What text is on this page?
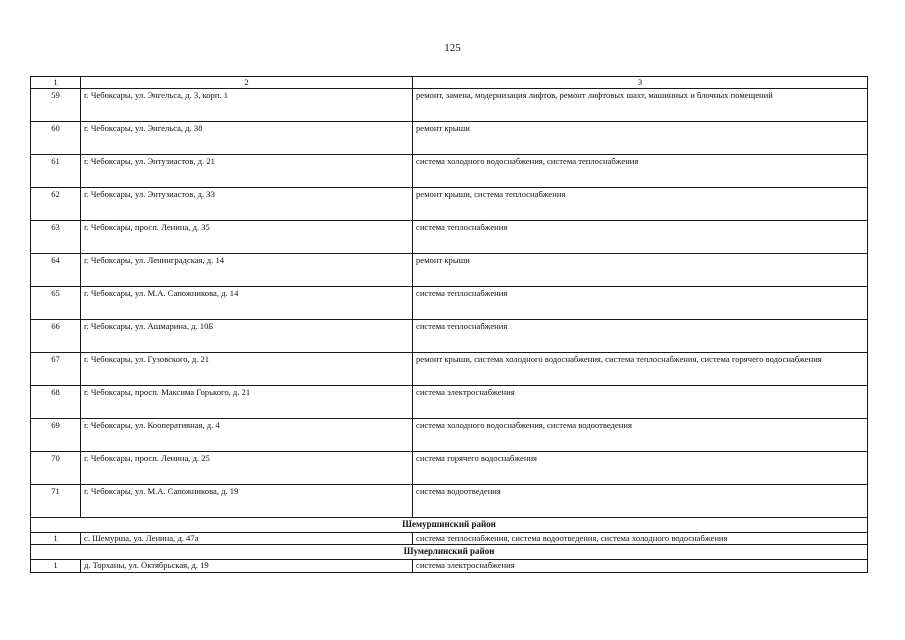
125
1	2	3
59	г. Чебоксары, ул. Энгельса, д. 3, корп. 1	ремонт, замена, модернизация лифтов, ремонт лифтовых шахт, машинных и блочных помещений
60	г. Чебоксары, ул. Энгельса, д. 38	ремонт крыши
61	г. Чебоксары, ул. Энтузиастов, д. 21	система холодного водоснабжения, система теплоснабжения
62	г. Чебоксары, ул. Энтузиастов, д. 33	ремонт крыши, система теплоснабжения
63	г. Чебоксары, просп. Ленина, д. 35	система теплоснабжения
64	г. Чебоксары, ул. Ленинградская, д. 14	ремонт крыши
65	г. Чебоксары, ул. М.А. Сапожникова, д. 14	система теплоснабжения
66	г. Чебоксары, ул. Ашмарина, д. 10Б	система теплоснабжения
67	г. Чебоксары, ул. Гузовского, д. 21	ремонт крыши, система холодного водоснабжения, система теплоснабжения, система горячего водоснабжения
68	г. Чебоксары, просп. Максима Горького, д. 21	система электроснабжения
69	г. Чебоксары, ул. Кооперативная, д. 4	система холодного водоснабжения, система водоотведения
70	г. Чебоксары, просп. Ленина, д. 25	система горячего водоснабжения
71	г. Чебоксары, ул. М.А. Сапожникова, д. 19	система водоотведения
Шемуршинский район		
1	с. Шемурша, ул. Ленина, д. 47а	система теплоснабжения, система водоотведения, система холодного водоснабжения
Шумерлинский район		
1	д. Торханы, ул. Октябрьская, д. 19	система электроснабжения
